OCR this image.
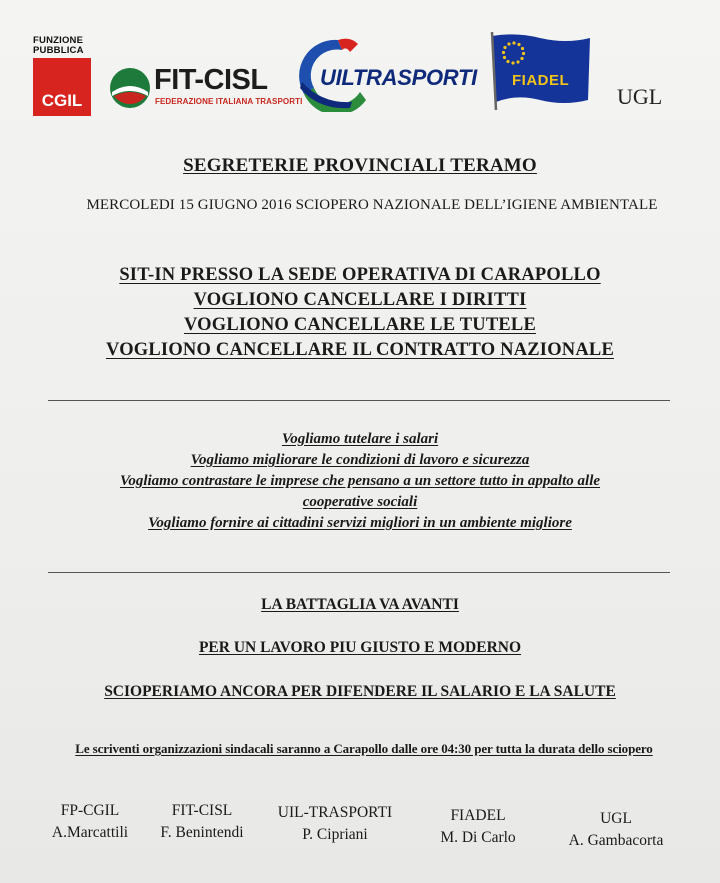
FUNZIONE
PUBBLICA
CGIL
FIT-CISL
FEDERAZIONE ITALIANA TRASPORTI
UILTRASPORTI FIADEL
UGL
SEGRETERIE PROVINCIALI TERAMO
MERCOLEDI 15 GIUGNO 2016 SCIOPERO NAZIONALE DELL’IGIENE AMBIENTALE
SIT-IN PRESSO LA SEDE OPERATIVA DI CARAPOLLO
VOGLIONO CANCELLARE I DIRITTI
VOGLIONO CANCELLARE LE TUTELE
VOGLIONO CANCELLARE IL CONTRATTO NAZIONALE
Vogliamo tutelare i salari
Vogliamo migliorare le condizioni di lavoro e sicurezza
Vogliamo contrastare le imprese che pensano a un settore tutto in appalto alle
cooperative sociali
Vogliamo fornire ai cittadini servizi migliori in un ambiente migliore
LA BATTAGLIA VA AVANTI
PER UN LAVORO PIU GIUSTO E MODERNO
SCIOPERIAMO ANCORA PER DIFENDERE IL SALARIO E LA SALUTE
Le scriventi organizzazioni sindacali saranno a Carapollo dalle ore 04:30 per tutta la durata dello sciopero
FP-CGIL
A.Marcattili
FIT-CISL
F. Benintendi
UIL-TRASPORTI
P. Cipriani
FIADEL
M. Di Carlo
UGL
A. Gambacorta
